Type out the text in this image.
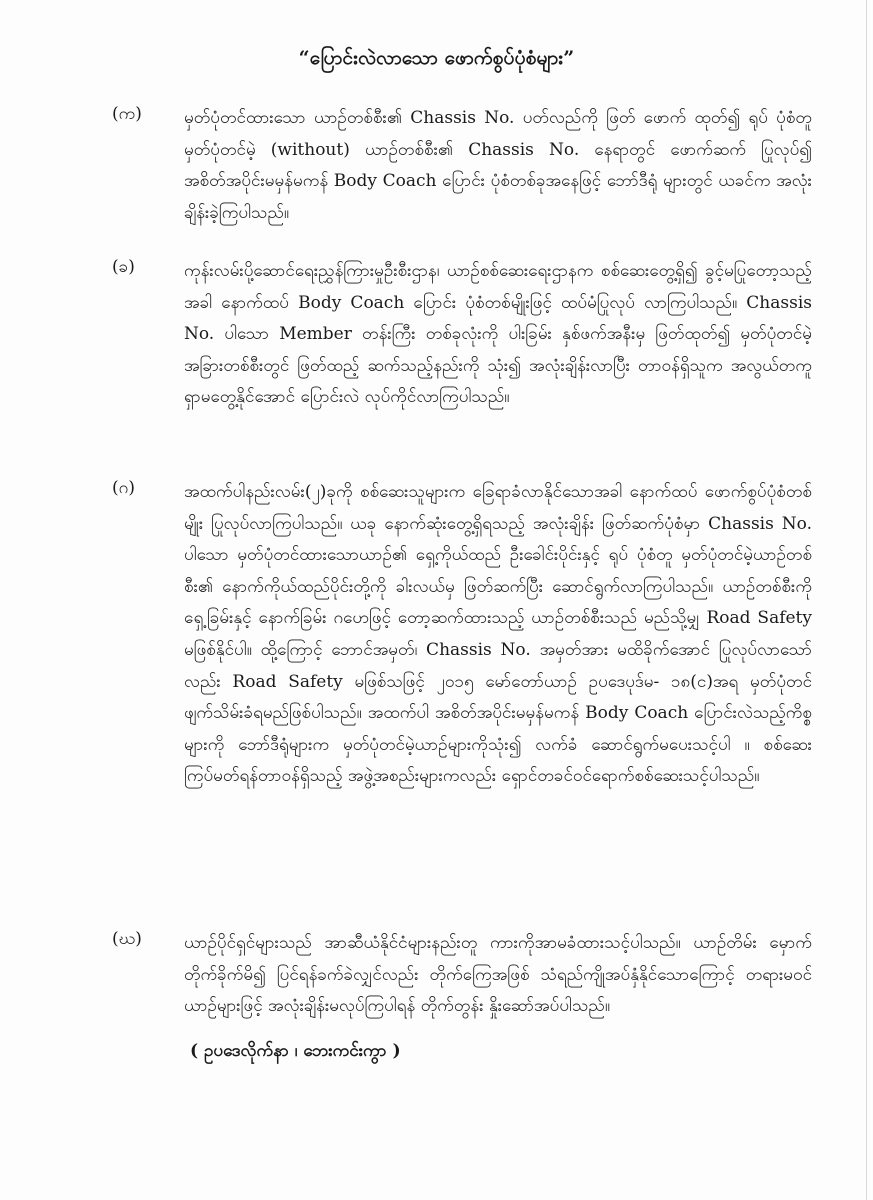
“ပြောင်းလဲလာသော ဖောက်စွပ်ပုံစံများ”
(က)	မှတ်ပုံတင်ထားသော ယာဉ်တစ်စီး၏ Chassis No. ပတ်လည်ကို ဖြတ် ဖောက် ထုတ်၍ ရုပ် ပုံစံတူ မှတ်ပုံတင်မဲ့ (without) ယာဉ်တစ်စီး၏ Chassis No. နေရာတွင် ဖောက်ဆက် ပြုလုပ်၍ အစိတ်အပိုင်းမမှန်မကန် Body Coach ပြောင်း ပုံစံတစ်ခုအနေဖြင့် ဘော်ဒီရုံ များတွင် ယခင်က အလုံးချိန်းခဲ့ကြပါသည်။
(ခ)	ကုန်းလမ်းပို့ဆောင်ရေးညွှန်ကြားမှုဦးစီးဌာန၊ ယာဉ်စစ်ဆေးရေးဌာနက စစ်ဆေးတွေ့ရှိ၍ ခွင့်မပြုတော့သည့်အခါ နောက်ထပ် Body Coach ပြောင်း ပုံစံတစ်မျိုးဖြင့် ထပ်မံပြုလုပ် လာကြပါသည်။ Chassis No. ပါသော Member တန်းကြီး တစ်ခုလုံးကို ပါးခြမ်း နှစ်ဖက်အနီးမှ ဖြတ်ထုတ်၍ မှတ်ပုံတင်မဲ့အခြားတစ်စီးတွင် ဖြတ်ထည့် ဆက်သည့်နည်းကို သုံး၍ အလုံးချိန်းလာပြီး တာဝန်ရှိသူက အလွယ်တကူ ရှာမတွေ့နိုင်အောင် ပြောင်းလဲ လုပ်ကိုင်လာကြပါသည်။
(ဂ)	အထက်ပါနည်းလမ်း(၂)ခုကို စစ်ဆေးသူများက ခြေရာခံလာနိုင်သောအခါ နောက်ထပ် ဖောက်စွပ်ပုံစံတစ်မျိုး ပြုလုပ်လာကြပါသည်။ ယခု နောက်ဆုံးတွေ့ရှိရသည့် အလုံးချိန်း ဖြတ်ဆက်ပုံစံမှာ Chassis No. ပါသော မှတ်ပုံတင်ထားသောယာဉ်၏ ရှေ့ကိုယ်ထည် ဦးခေါင်းပိုင်းနှင့် ရုပ် ပုံစံတူ မှတ်ပုံတင်မဲ့ယာဉ်တစ်စီး၏ နောက်ကိုယ်ထည်ပိုင်းတို့ကို ခါးလယ်မှ ဖြတ်ဆက်ပြီး ဆောင်ရွက်လာကြပါသည်။ ယာဉ်တစ်စီးကိုရှေ့ခြမ်းနှင့် နောက်ခြမ်း ဂဟေဖြင့် တော့ဆက်ထားသည့် ယာဉ်တစ်စီးသည် မည်သို့မျှ Road Safety မဖြစ်နိုင်ပါ။ ထို့ကြောင့် ဘောင်အမှတ်၊ Chassis No. အမှတ်အား မထိခိုက်အောင် ပြုလုပ်လာသော် လည်း Road Safety မဖြစ်သဖြင့် ၂၀၁၅ မော်တော်ယာဉ် ဥပဒေပုဒ်မ- ၁၈(င)အရ မှတ်ပုံတင်ဖျက်သိမ်းခံရမည်ဖြစ်ပါသည်။ အထက်ပါ အစိတ်အပိုင်းမမှန်မကန် Body Coach ပြောင်းလဲသည့်ကိစ္စများကို ဘော်ဒီရုံများက မှတ်ပုံတင်မဲ့ယာဉ်များကိုသုံး၍ လက်ခံ ဆောင်ရွက်မပေးသင့်ပါ ။ စစ်ဆေးကြပ်မတ်ရန်တာဝန်ရှိသည့် အဖွဲ့အစည်းများကလည်း ရှောင်တခင်ဝင်ရောက်စစ်ဆေးသင့်ပါသည်။
(ဃ)	ယာဉ်ပိုင်ရှင်များသည် အာဆီယံနိုင်ငံများနည်းတူ ကားကိုအာမခံထားသင့်ပါသည်။ ယာဉ်တိမ်း မှောက်တိုက်ခိုက်မိ၍ ပြင်ရန်ခက်ခဲလျှင်လည်း တိုက်ကြေအဖြစ် သံရည်ကျိုအပ်နှံနိုင်သောကြောင့် တရားမဝင်ယာဉ်များဖြင့် အလုံးချိန်းမလုပ်ကြပါရန် တိုက်တွန်း နှိုးဆော်အပ်ပါသည်။
( ဥပဒေလိုက်နာ ၊ ဘေးကင်းကွာ )
